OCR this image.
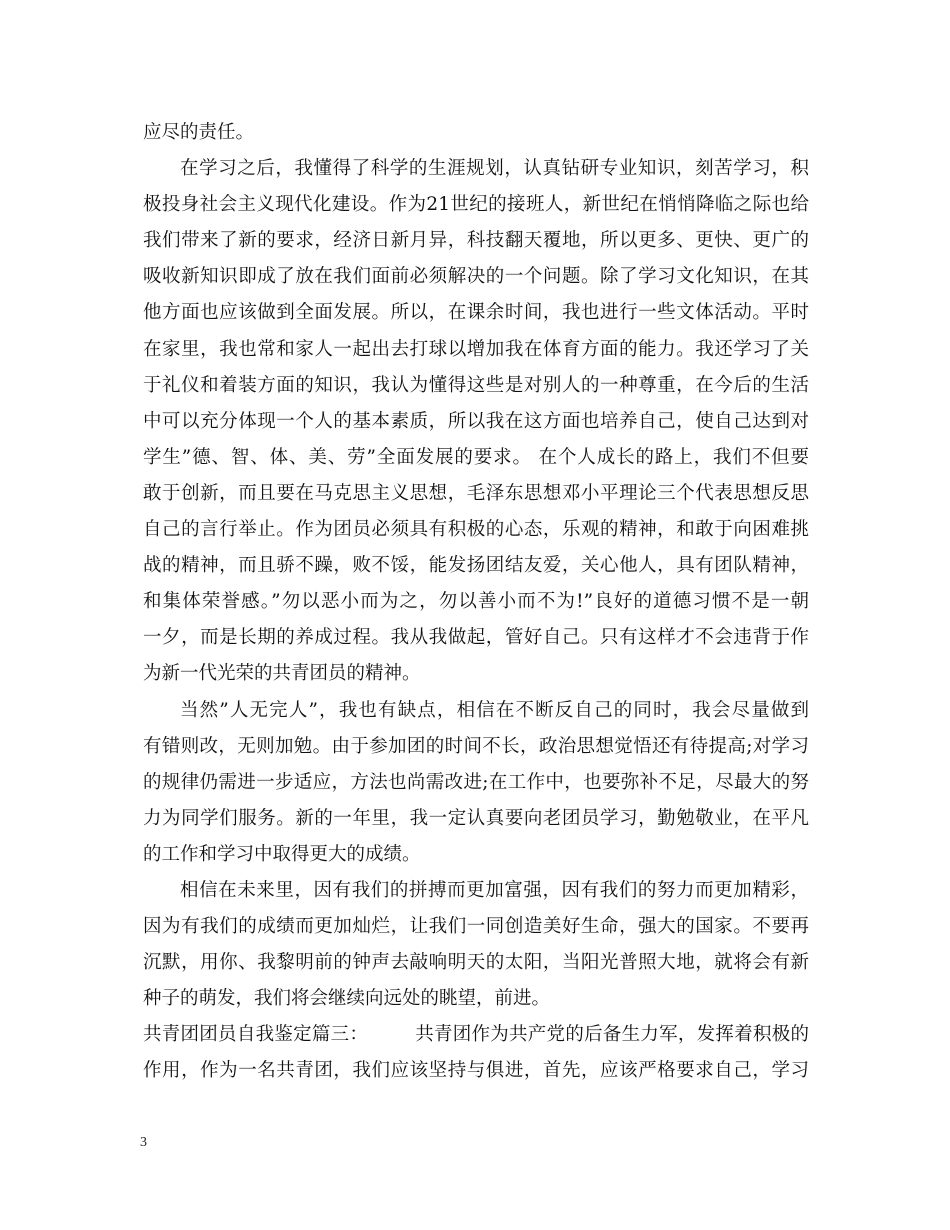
应尽的责任。
在学习之后，我懂得了科学的生涯规划，认真钻研专业知识，刻苦学习，积
极投身社会主义现代化建设。作为21世纪的接班人，新世纪在悄悄降临之际也给
我们带来了新的要求，经济日新月异，科技翻天覆地，所以更多、更快、更广的
吸收新知识即成了放在我们面前必须解决的一个问题。除了学习文化知识，在其
他方面也应该做到全面发展。所以，在课余时间，我也进行一些文体活动。平时
在家里，我也常和家人一起出去打球以增加我在体育方面的能力。我还学习了关
于礼仪和着装方面的知识，我认为懂得这些是对别人的一种尊重，在今后的生活
中可以充分体现一个人的基本素质，所以我在这方面也培养自己，使自己达到对
学生”德、智、体、美、劳”全面发展的要求。 在个人成长的路上，我们不但要
敢于创新，而且要在马克思主义思想，毛泽东思想邓小平理论三个代表思想反思
自己的言行举止。作为团员必须具有积极的心态，乐观的精神，和敢于向困难挑
战的精神，而且骄不躁，败不馁，能发扬团结友爱，关心他人，具有团队精神，
和集体荣誉感。”勿以恶小而为之，勿以善小而不为!”良好的道德习惯不是一朝
一夕，而是长期的养成过程。我从我做起，管好自己。只有这样才不会违背于作
为新一代光荣的共青团员的精神。
当然”人无完人”，我也有缺点，相信在不断反自己的同时，我会尽量做到
有错则改，无则加勉。由于参加团的时间不长，政治思想觉悟还有待提高;对学习
的规律仍需进一步适应，方法也尚需改进;在工作中，也要弥补不足，尽最大的努
力为同学们服务。新的一年里，我一定认真要向老团员学习，勤勉敬业，在平凡
的工作和学习中取得更大的成绩。
相信在未来里，因有我们的拼搏而更加富强，因有我们的努力而更加精彩，
因为有我们的成绩而更加灿烂，让我们一同创造美好生命，强大的国家。不要再
沉默，用你、我黎明前的钟声去敲响明天的太阳，当阳光普照大地，就将会有新
种子的萌发，我们将会继续向远处的眺望，前进。
共青团团员自我鉴定篇三：　　　共青团作为共产党的后备生力军，发挥着积极的
作用，作为一名共青团，我们应该坚持与俱进，首先，应该严格要求自己，学习
3
